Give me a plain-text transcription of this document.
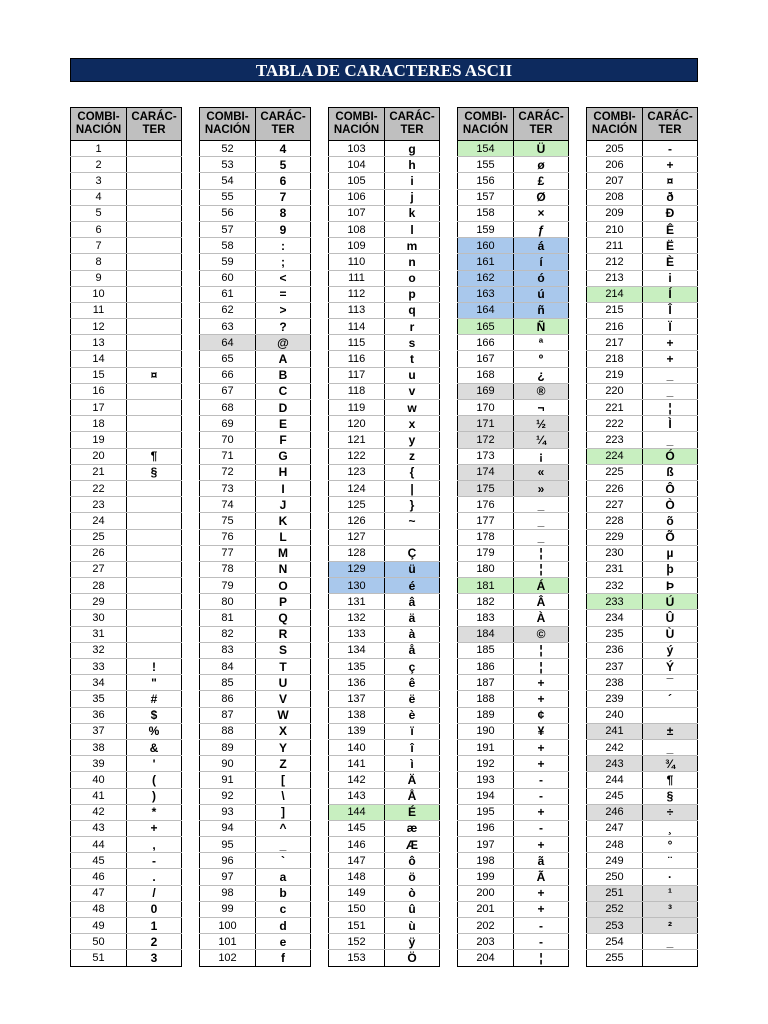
TABLA DE CARACTERES ASCII
COMBI-
NACIÓN	CARÁC-
TER
1	
2	
3	
4	
5	
6	
7	
8	
9	
10	
11	
12	
13	
14	
15	¤
16	
17	
18	
19	
20	¶
21	§
22	
23	
24	
25	
26	
27	
28	
29	
30	
31	
32	
33	!
34	"
35	#
36	$
37	%
38	&
39	'
40	(
41	)
42	*
43	+
44	,
45	-
46	.
47	/
48	0
49	1
50	2
51	3
COMBI-
NACIÓN	CARÁC-
TER
52	4
53	5
54	6
55	7
56	8
57	9
58	:
59	;
60	<
61	=
62	>
63	?
64	@
65	A
66	B
67	C
68	D
69	E
70	F
71	G
72	H
73	I
74	J
75	K
76	L
77	M
78	N
79	O
80	P
81	Q
82	R
83	S
84	T
85	U
86	V
87	W
88	X
89	Y
90	Z
91	[
92	\
93	]
94	^
95	_
96	`
97	a
98	b
99	c
100	d
101	e
102	f
COMBI-
NACIÓN	CARÁC-
TER
103	g
104	h
105	i
106	j
107	k
108	l
109	m
110	n
111	o
112	p
113	q
114	r
115	s
116	t
117	u
118	v
119	w
120	x
121	y
122	z
123	{
124	|
125	}
126	~
127	
128	Ç
129	ü
130	é
131	â
132	ä
133	à
134	å
135	ç
136	ê
137	ë
138	è
139	ï
140	î
141	ì
142	Ä
143	Å
144	É
145	æ
146	Æ
147	ô
148	ö
149	ò
150	û
151	ù
152	ÿ
153	Ö
COMBI-
NACIÓN	CARÁC-
TER
154	Ü
155	ø
156	£
157	Ø
158	×
159	ƒ
160	á
161	í
162	ó
163	ú
164	ñ
165	Ñ
166	ª
167	º
168	¿
169	®
170	¬
171	½
172	¼
173	¡
174	«
175	»
176	_
177	_
178	_
179	¦
180	¦
181	Á
182	Â
183	À
184	©
185	¦
186	¦
187	+
188	+
189	¢
190	¥
191	+
192	+
193	-
194	-
195	+
196	-
197	+
198	ã
199	Ã
200	+
201	+
202	-
203	-
204	¦
COMBI-
NACIÓN	CARÁC-
TER
205	-
206	+
207	¤
208	ð
209	Ð
210	Ê
211	Ë
212	È
213	i
214	Í
215	Î
216	Ï
217	+
218	+
219	_
220	_
221	¦
222	Ì
223	_
224	Ó
225	ß
226	Ô
227	Ò
228	õ
229	Õ
230	µ
231	þ
232	Þ
233	Ú
234	Û
235	Ù
236	ý
237	Ý
238	¯
239	´
240	
241	±
242	_
243	¾
244	¶
245	§
246	÷
247	¸
248	°
249	¨
250	·
251	¹
252	³
253	²
254	_
255	
